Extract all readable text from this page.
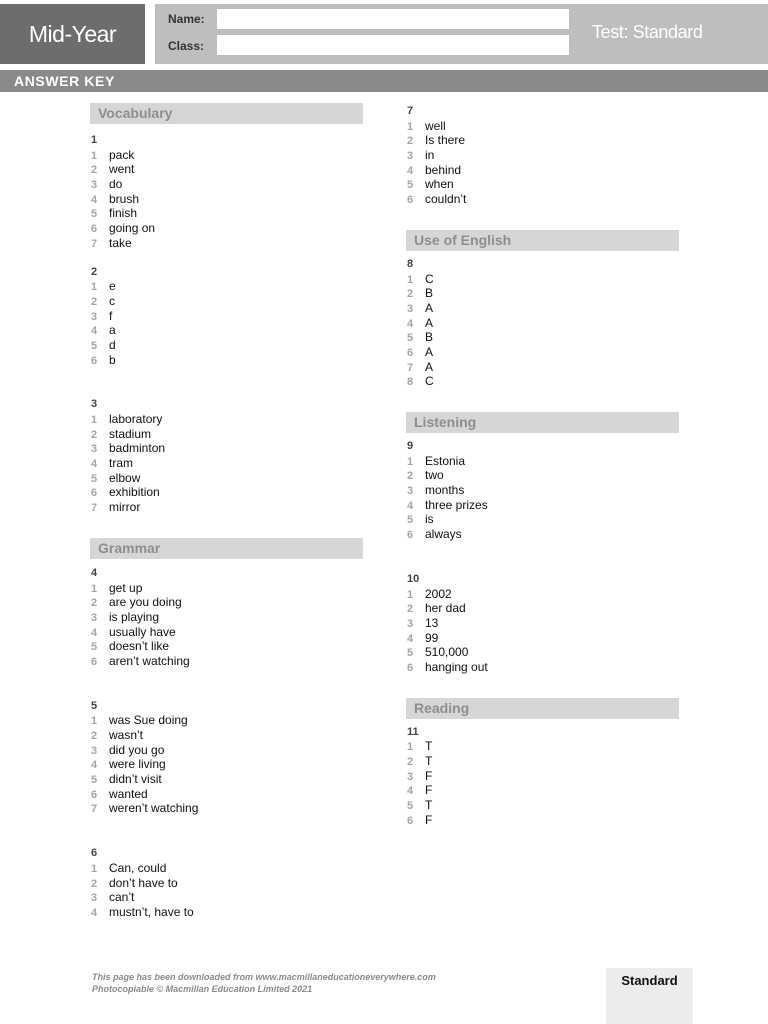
Mid-Year
Name:
Class:
Test: Standard
ANSWER KEY
Vocabulary
1
1 pack
2 went
3 do
4 brush
5 finish
6 going on
7 take
2
1 e
2 c
3 f
4 a
5 d
6 b
3
1 laboratory
2 stadium
3 badminton
4 tram
5 elbow
6 exhibition
7 mirror
Grammar
4
1 get up
2 are you doing
3 is playing
4 usually have
5 doesn’t like
6 aren’t watching
5
1 was Sue doing
2 wasn’t
3 did you go
4 were living
5 didn’t visit
6 wanted
7 weren’t watching
6
1 Can, could
2 don’t have to
3 can’t
4 mustn’t, have to
7
1 well
2 Is there
3 in
4 behind
5 when
6 couldn’t
Use of English
8
1 C
2 B
3 A
4 A
5 B
6 A
7 A
8 C
Listening
9
1 Estonia
2 two
3 months
4 three prizes
5 is
6 always
10
1 2002
2 her dad
3 13
4 99
5 510,000
6 hanging out
Reading
11
1 T
2 T
3 F
4 F
5 T
6 F
This page has been downloaded from www.macmillaneducationeverywhere.com
Photocopiable © Macmillan Education Limited 2021
Standard
